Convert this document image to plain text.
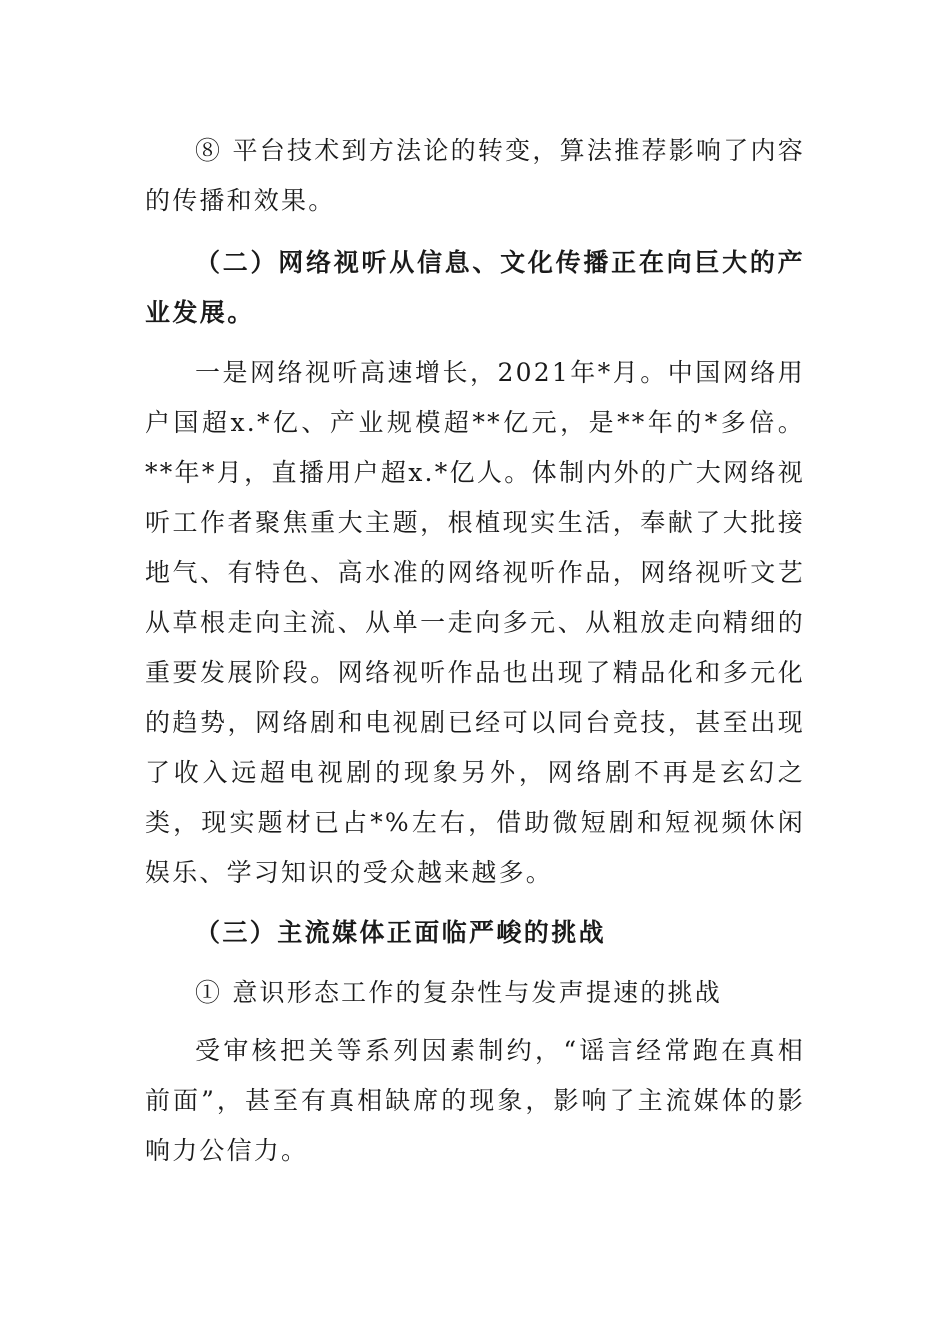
⑧ 平台技术到方法论的转变，算法推荐影响了内容的传播和效果。

（二）网络视听从信息、文化传播正在向巨大的产业发展。

一是网络视听高速增长，2021年*月。中国网络用户国超x.*亿、产业规模超**亿元，是**年的*多倍。**年*月，直播用户超x.*亿人。体制内外的广大网络视听工作者聚焦重大主题，根植现实生活，奉献了大批接地气、有特色、高水准的网络视听作品，网络视听文艺从草根走向主流、从单一走向多元、从粗放走向精细的重要发展阶段。网络视听作品也出现了精品化和多元化的趋势，网络剧和电视剧已经可以同台竞技，甚至出现了收入远超电视剧的现象另外，网络剧不再是玄幻之类，现实题材已占*%左右，借助微短剧和短视频休闲娱乐、学习知识的受众越来越多。

（三）主流媒体正面临严峻的挑战

① 意识形态工作的复杂性与发声提速的挑战

受审核把关等系列因素制约，“谣言经常跑在真相前面”，甚至有真相缺席的现象，影响了主流媒体的影响力公信力。
